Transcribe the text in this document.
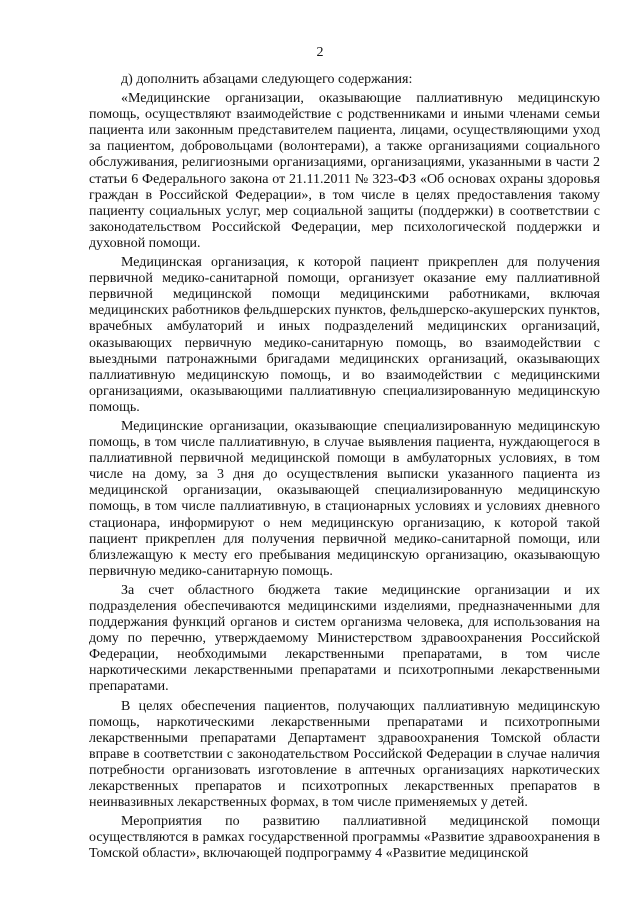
2

д) дополнить абзацами следующего содержания:

«Медицинские организации, оказывающие паллиативную медицинскую помощь, осуществляют взаимодействие с родственниками и иными членами семьи пациента или законным представителем пациента, лицами, осуществляющими уход за пациентом, добровольцами (волонтерами), а также организациями социального обслуживания, религиозными организациями, организациями, указанными в части 2 статьи 6 Федерального закона от 21.11.2011 № 323-ФЗ «Об основах охраны здоровья граждан в Российской Федерации», в том числе в целях предоставления такому пациенту социальных услуг, мер социальной защиты (поддержки) в соответствии с законодательством Российской Федерации, мер психологической поддержки и духовной помощи.

Медицинская организация, к которой пациент прикреплен для получения первичной медико-санитарной помощи, организует оказание ему паллиативной первичной медицинской помощи медицинскими работниками, включая медицинских работников фельдшерских пунктов, фельдшерско-акушерских пунктов, врачебных амбулаторий и иных подразделений медицинских организаций, оказывающих первичную медико-санитарную помощь, во взаимодействии с выездными патронажными бригадами медицинских организаций, оказывающих паллиативную медицинскую помощь, и во взаимодействии с медицинскими организациями, оказывающими паллиативную специализированную медицинскую помощь.

Медицинские организации, оказывающие специализированную медицинскую помощь, в том числе паллиативную, в случае выявления пациента, нуждающегося в паллиативной первичной медицинской помощи в амбулаторных условиях, в том числе на дому, за 3 дня до осуществления выписки указанного пациента из медицинской организации, оказывающей специализированную медицинскую помощь, в том числе паллиативную, в стационарных условиях и условиях дневного стационара, информируют о нем медицинскую организацию, к которой такой пациент прикреплен для получения первичной медико-санитарной помощи, или близлежащую к месту его пребывания медицинскую организацию, оказывающую первичную медико-санитарную помощь.

За счет областного бюджета такие медицинские организации и их подразделения обеспечиваются медицинскими изделиями, предназначенными для поддержания функций органов и систем организма человека, для использования на дому по перечню, утверждаемому Министерством здравоохранения Российской Федерации, необходимыми лекарственными препаратами, в том числе наркотическими лекарственными препаратами и психотропными лекарственными препаратами.

В целях обеспечения пациентов, получающих паллиативную медицинскую помощь, наркотическими лекарственными препаратами и психотропными лекарственными препаратами Департамент здравоохранения Томской области вправе в соответствии с законодательством Российской Федерации в случае наличия потребности организовать изготовление в аптечных организациях наркотических лекарственных препаратов и психотропных лекарственных препаратов в неинвазивных лекарственных формах, в том числе применяемых у детей.

Мероприятия по развитию паллиативной медицинской помощи осуществляются в рамках государственной программы «Развитие здравоохранения в Томской области», включающей подпрограмму 4 «Развитие медицинской
